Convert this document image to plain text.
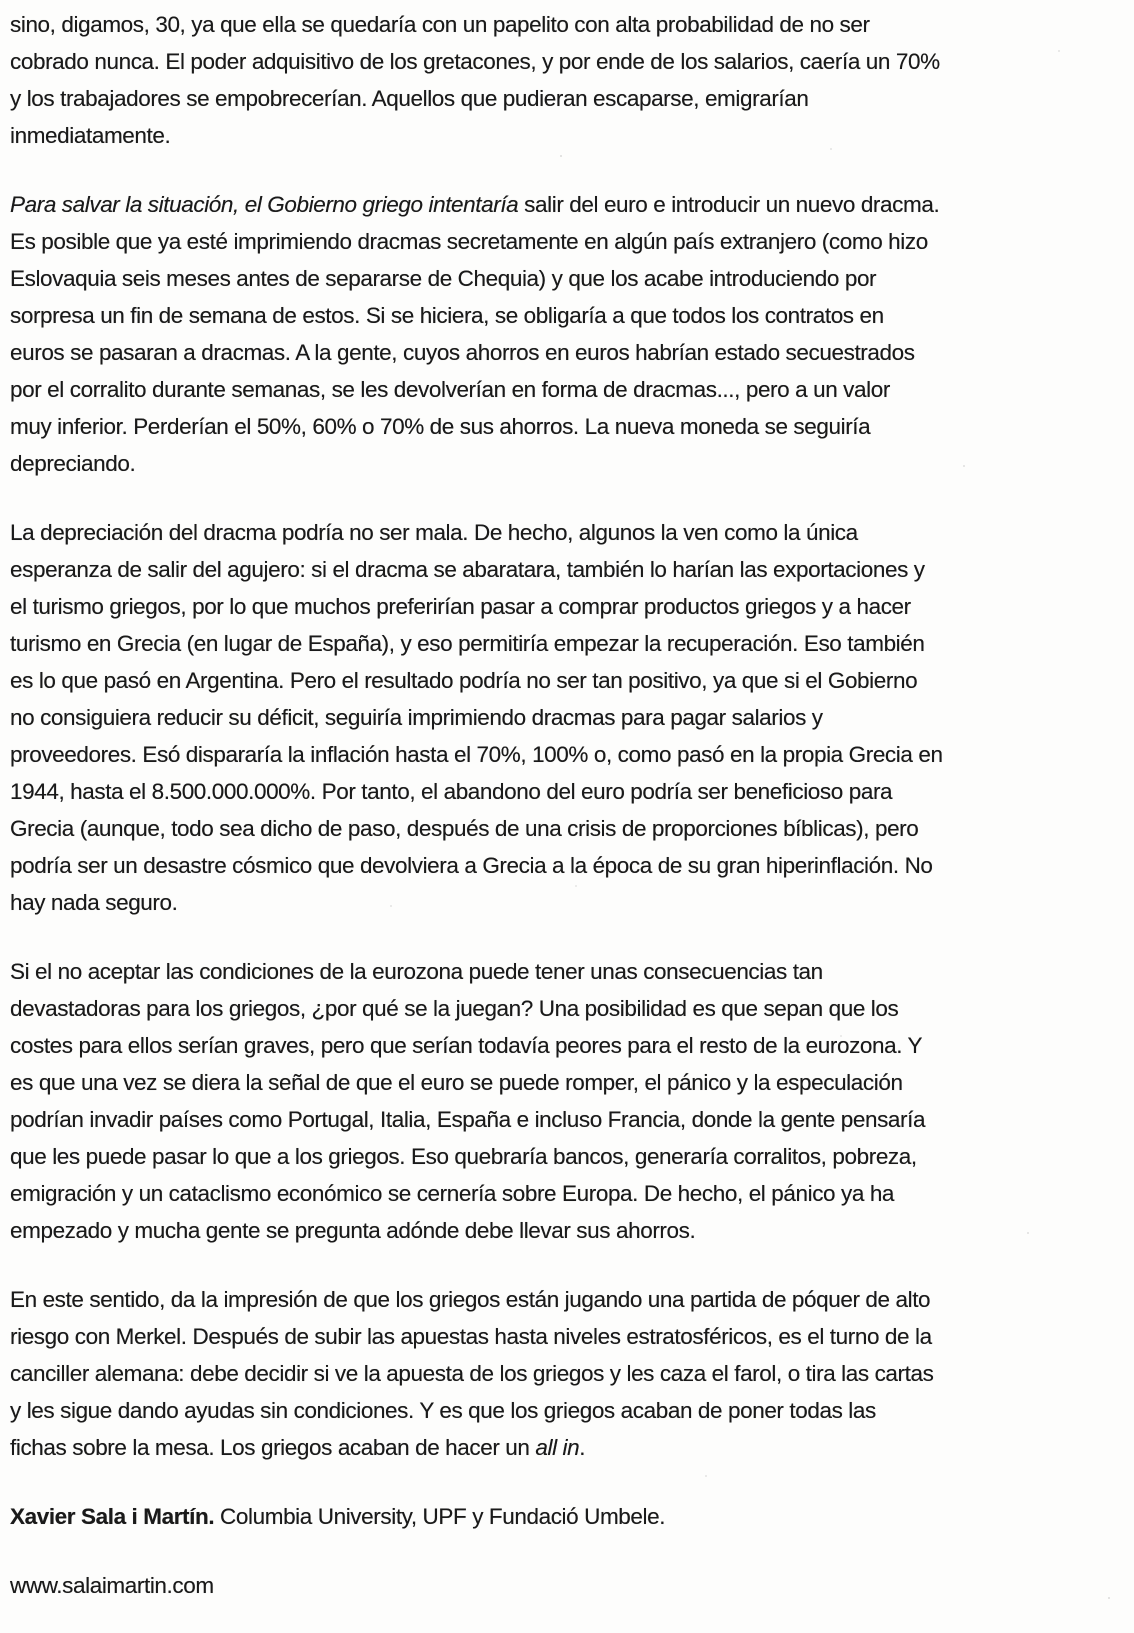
sino, digamos, 30, ya que ella se quedaría con un papelito con alta probabilidad de no ser
cobrado nunca. El poder adquisitivo de los gretacones, y por ende de los salarios, caería un 70%
y los trabajadores se empobrecerían. Aquellos que pudieran escaparse, emigrarían
inmediatamente.
Para salvar la situación, el Gobierno griego intentaría salir del euro e introducir un nuevo dracma.
Es posible que ya esté imprimiendo dracmas secretamente en algún país extranjero (como hizo
Eslovaquia seis meses antes de separarse de Chequia) y que los acabe introduciendo por
sorpresa un fin de semana de estos. Si se hiciera, se obligaría a que todos los contratos en
euros se pasaran a dracmas. A la gente, cuyos ahorros en euros habrían estado secuestrados
por el corralito durante semanas, se les devolverían en forma de dracmas..., pero a un valor
muy inferior. Perderían el 50%, 60% o 70% de sus ahorros. La nueva moneda se seguiría
depreciando.
La depreciación del dracma podría no ser mala. De hecho, algunos la ven como la única
esperanza de salir del agujero: si el dracma se abaratara, también lo harían las exportaciones y
el turismo griegos, por lo que muchos preferirían pasar a comprar productos griegos y a hacer
turismo en Grecia (en lugar de España), y eso permitiría empezar la recuperación. Eso también
es lo que pasó en Argentina. Pero el resultado podría no ser tan positivo, ya que si el Gobierno
no consiguiera reducir su déficit, seguiría imprimiendo dracmas para pagar salarios y
proveedores. Esó dispararía la inflación hasta el 70%, 100% o, como pasó en la propia Grecia en
1944, hasta el 8.500.000.000%. Por tanto, el abandono del euro podría ser beneficioso para
Grecia (aunque, todo sea dicho de paso, después de una crisis de proporciones bíblicas), pero
podría ser un desastre cósmico que devolviera a Grecia a la época de su gran hiperinflación. No
hay nada seguro.
Si el no aceptar las condiciones de la eurozona puede tener unas consecuencias tan
devastadoras para los griegos, ¿por qué se la juegan? Una posibilidad es que sepan que los
costes para ellos serían graves, pero que serían todavía peores para el resto de la eurozona. Y
es que una vez se diera la señal de que el euro se puede romper, el pánico y la especulación
podrían invadir países como Portugal, Italia, España e incluso Francia, donde la gente pensaría
que les puede pasar lo que a los griegos. Eso quebraría bancos, generaría corralitos, pobreza,
emigración y un cataclismo económico se cernería sobre Europa. De hecho, el pánico ya ha
empezado y mucha gente se pregunta adónde debe llevar sus ahorros.
En este sentido, da la impresión de que los griegos están jugando una partida de póquer de alto
riesgo con Merkel. Después de subir las apuestas hasta niveles estratosféricos, es el turno de la
canciller alemana: debe decidir si ve la apuesta de los griegos y les caza el farol, o tira las cartas
y les sigue dando ayudas sin condiciones. Y es que los griegos acaban de poner todas las
fichas sobre la mesa. Los griegos acaban de hacer un all in.
Xavier Sala i Martín. Columbia University, UPF y Fundació Umbele.
www.salaimartin.com
